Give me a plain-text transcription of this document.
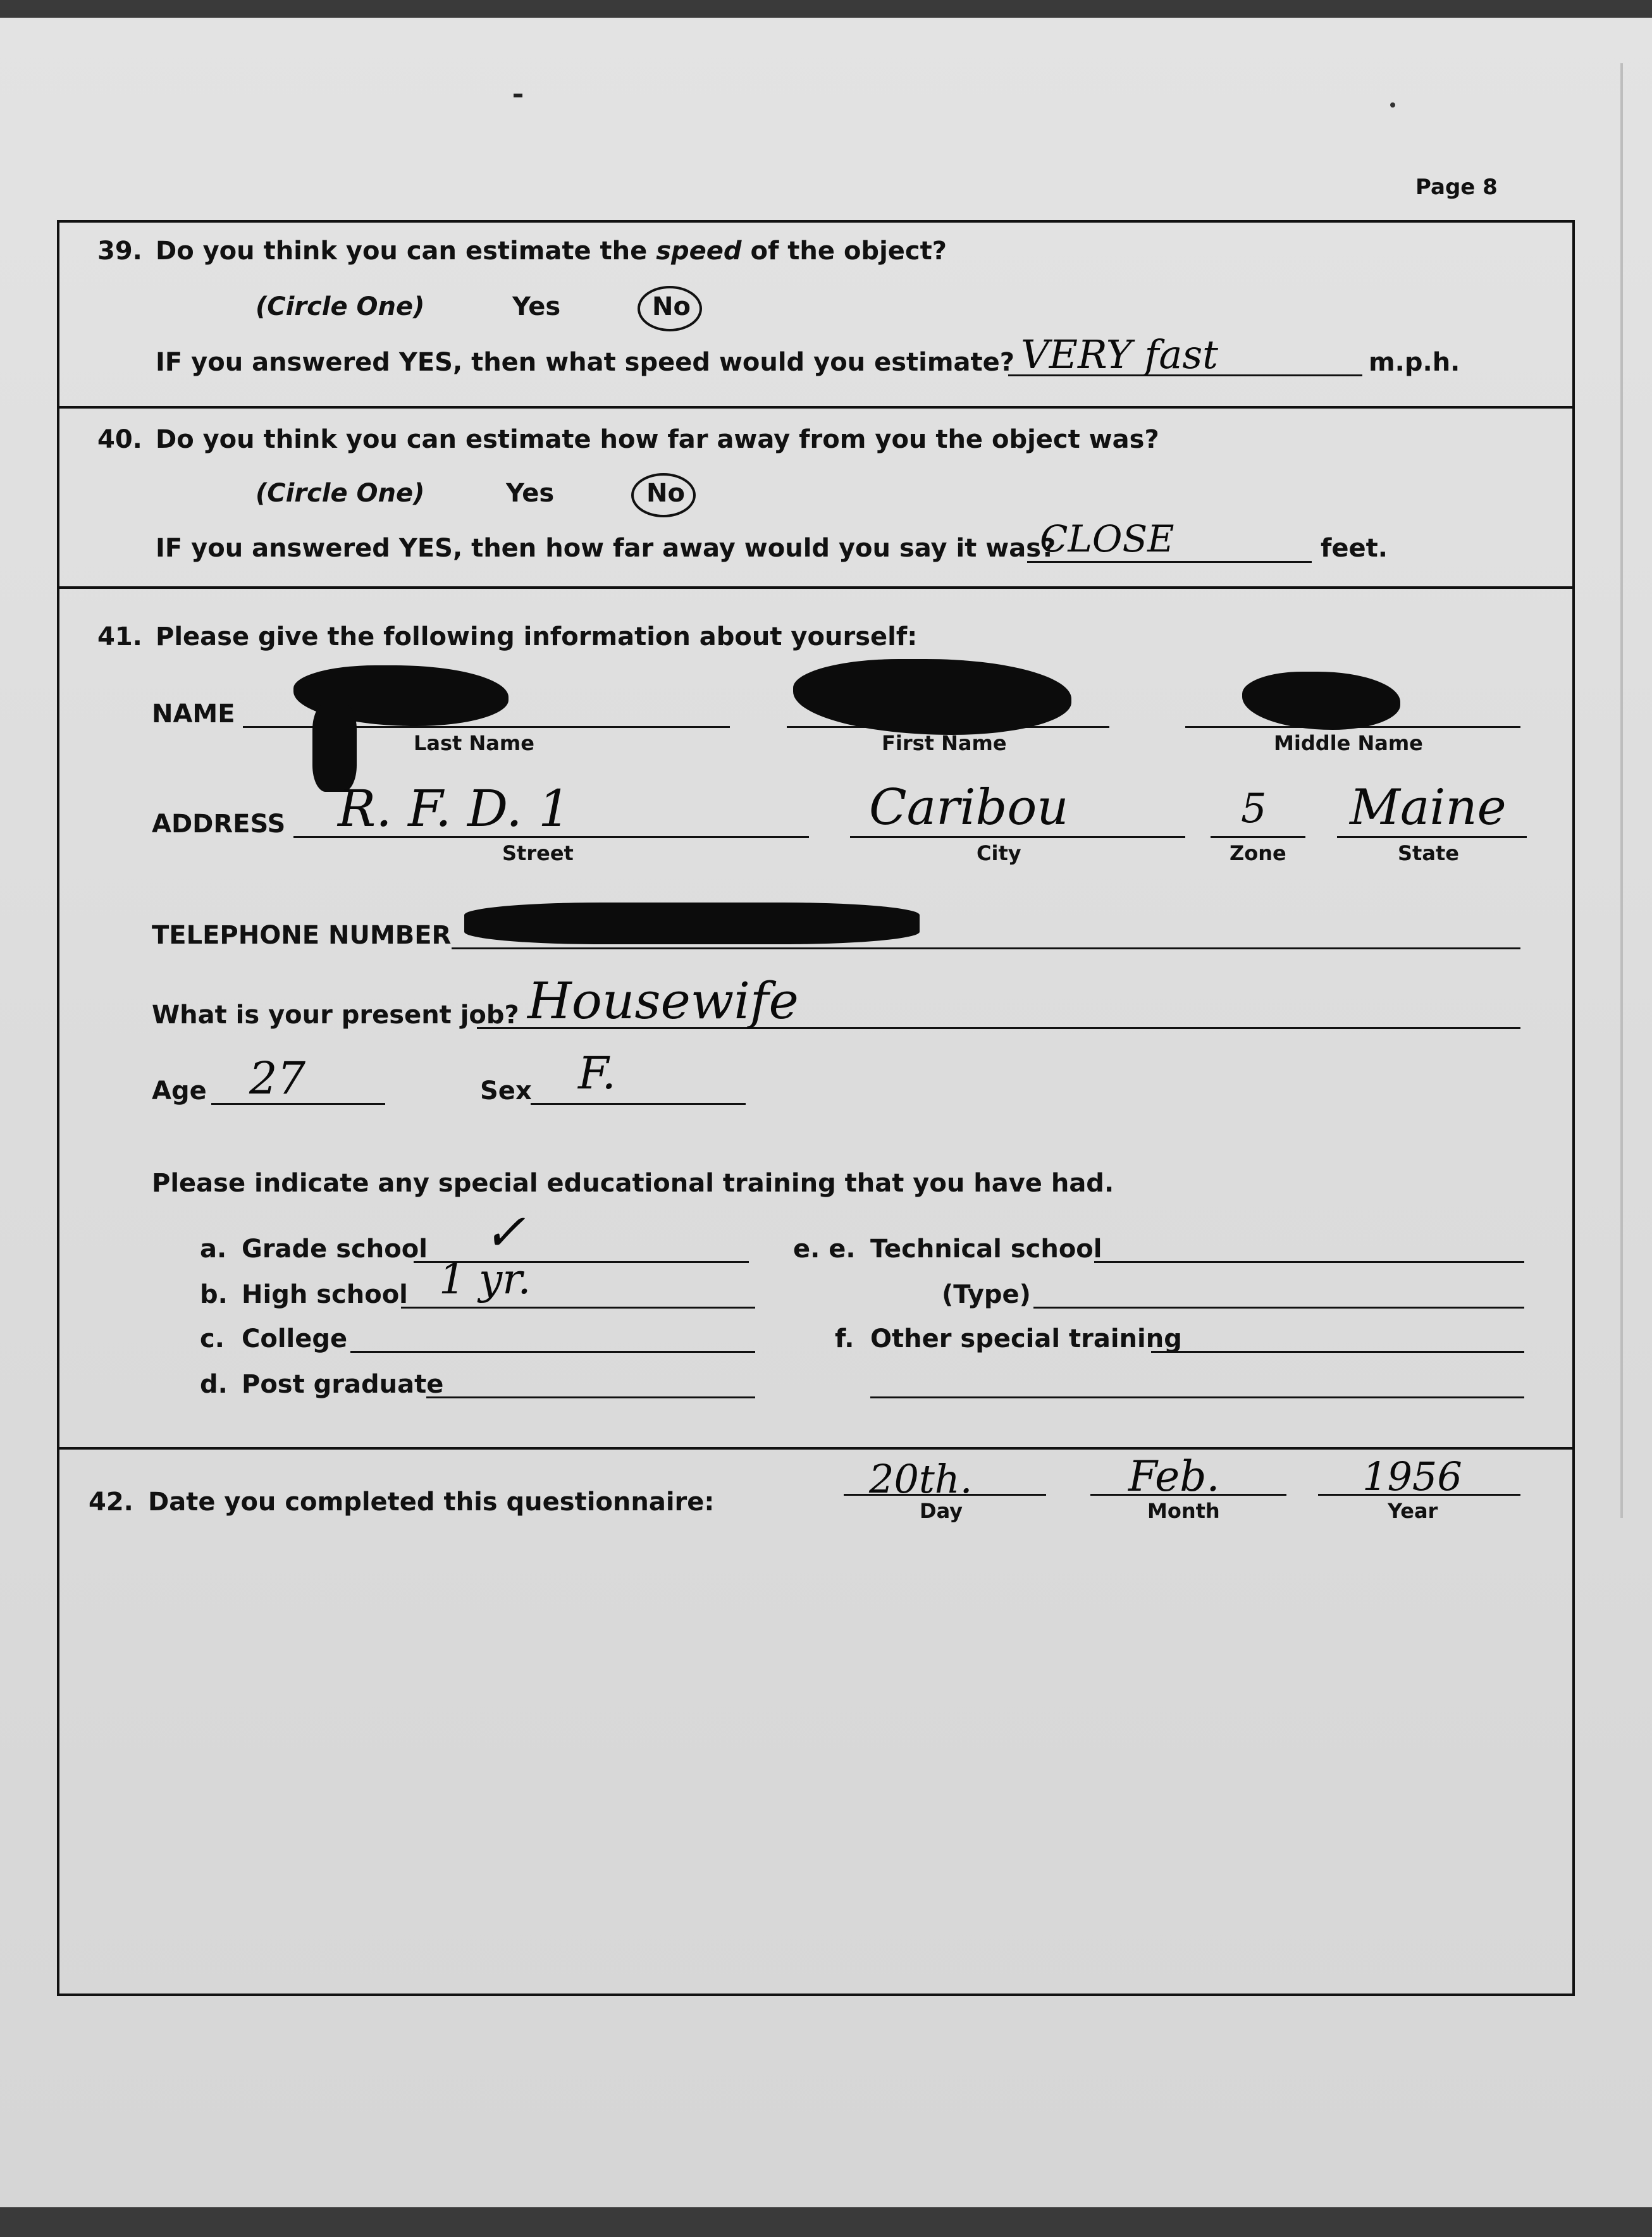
Page 8
39. Do you think you can estimate the speed of the object?
(Circle One)	Yes	No
IF you answered YES, then what speed would you estimate? VERY fast	m.p.h.
40. Do you think you can estimate how far away from you the object was?
(Circle One)	Yes	No
IF you answered YES, then how far away would you say it was?
CLOSE	feet.
41. Please give the following information about yourself:
NAME
Last Name	First Name	Middle Name
ADDRESS R. F. D. 1
Street
Caribou
City
5
Zone
Maine
State
TELEPHONE NUMBER
What is your present job? Housewife
Age 27	Sex F.
Please indicate any special educational training that you have had.
a. Grade school ✓
b. High school 1 yr.
c. College
d. Post graduate
e. e. Technical school
(Type)
f. Other special training
42. Date you completed this questionnaire:	20th.
Day
Feb.
Month
1956
Year
